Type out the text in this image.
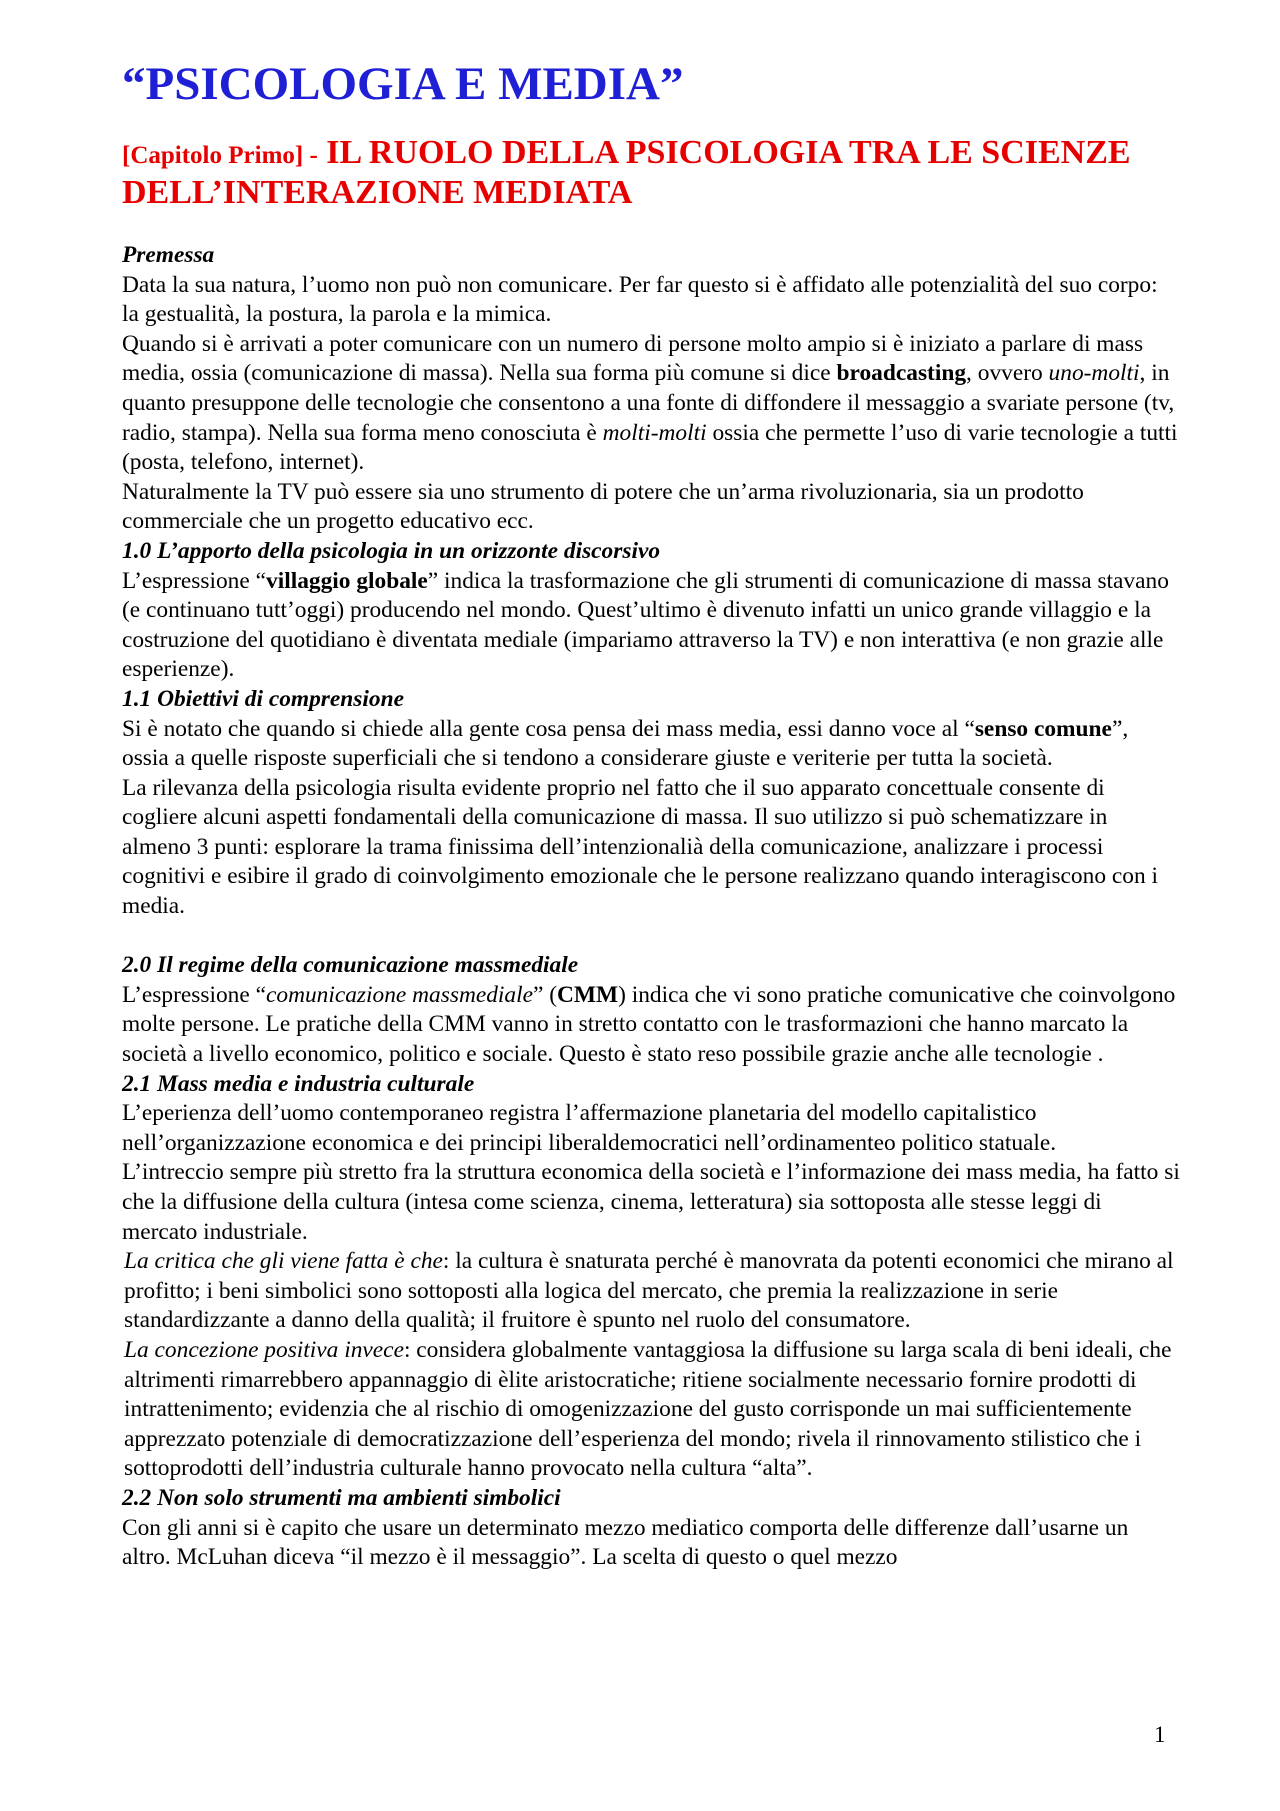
“PSICOLOGIA E MEDIA”
[Capitolo Primo] - IL RUOLO DELLA PSICOLOGIA TRA LE SCIENZE DELL’INTERAZIONE MEDIATA
Premessa

Data la sua natura, l’uomo non può non comunicare. Per far questo si è affidato alle potenzialità del suo corpo: la gestualità, la postura, la parola e la mimica.

Quando si è arrivati a poter comunicare con un numero di persone molto ampio si è iniziato a parlare di mass media, ossia (comunicazione di massa). Nella sua forma più comune si dice broadcasting, ovvero uno-molti, in quanto presuppone delle tecnologie che consentono a una fonte di diffondere il messaggio a svariate persone (tv, radio, stampa). Nella sua forma meno conosciuta è molti-molti ossia che permette l’uso di varie tecnologie a tutti (posta, telefono, internet).

Naturalmente la TV può essere sia uno strumento di potere che un’arma rivoluzionaria, sia un prodotto commerciale che un progetto educativo ecc.

1.0 L’apporto della psicologia in un orizzonte discorsivo

L’espressione “villaggio globale” indica la trasformazione che gli strumenti di comunicazione di massa stavano (e continuano tutt’oggi) producendo nel mondo. Quest’ultimo è divenuto infatti un unico grande villaggio e la costruzione del quotidiano è diventata mediale (impariamo attraverso la TV) e non interattiva (e non grazie alle esperienze).

1.1 Obiettivi di comprensione

Si è notato che quando si chiede alla gente cosa pensa dei mass media, essi danno voce al “senso comune”, ossia a quelle risposte superficiali che si tendono a considerare giuste e veriterie per tutta la società.

La rilevanza della psicologia risulta evidente proprio nel fatto che il suo apparato concettuale consente di cogliere alcuni aspetti fondamentali della comunicazione di massa. Il suo utilizzo si può schematizzare in almeno 3 punti: esplorare la trama finissima dell’intenzionalià della comunicazione, analizzare i processi cognitivi e esibire il grado di coinvolgimento emozionale che le persone realizzano quando interagiscono con i media.

2.0 Il regime della comunicazione massmediale

L’espressione “comunicazione massmediale” (CMM) indica che vi sono pratiche comunicative che coinvolgono molte persone. Le pratiche della CMM vanno in stretto contatto con le trasformazioni che hanno marcato la società a livello economico, politico e sociale. Questo è stato reso possibile grazie anche alle tecnologie .

2.1 Mass media e industria culturale

L’eperienza dell’uomo contemporaneo registra l’affermazione planetaria del modello capitalistico nell’organizzazione economica e dei principi liberaldemocratici nell’ordinamenteo politico statuale.

L’intreccio sempre più stretto fra la struttura economica della società e l’informazione dei mass media, ha fatto si che la diffusione della cultura (intesa come scienza, cinema, letteratura) sia sottoposta alle stesse leggi di mercato industriale.

La critica che gli viene fatta è che: la cultura è snaturata perché è manovrata da potenti economici che mirano al profitto; i beni simbolici sono sottoposti alla logica del mercato, che premia la realizzazione in serie standardizzante a danno della qualità; il fruitore è spunto nel ruolo del consumatore.

La concezione positiva invece: considera globalmente vantaggiosa la diffusione su larga scala di beni ideali, che altrimenti rimarrebbero appannaggio di èlite aristocratiche; ritiene socialmente necessario fornire prodotti di intrattenimento; evidenzia che al rischio di omogenizzazione del gusto corrisponde un mai sufficientemente apprezzato potenziale di democratizzazione dell’esperienza del mondo; rivela il rinnovamento stilistico che i sottoprodotti dell’industria culturale hanno provocato nella cultura “alta”.

2.2 Non solo strumenti ma ambienti simbolici

Con gli anni si è capito che usare un determinato mezzo mediatico comporta delle differenze dall’usarne un altro. McLuhan diceva “il mezzo è il messaggio”. La scelta di questo o quel mezzo

1
